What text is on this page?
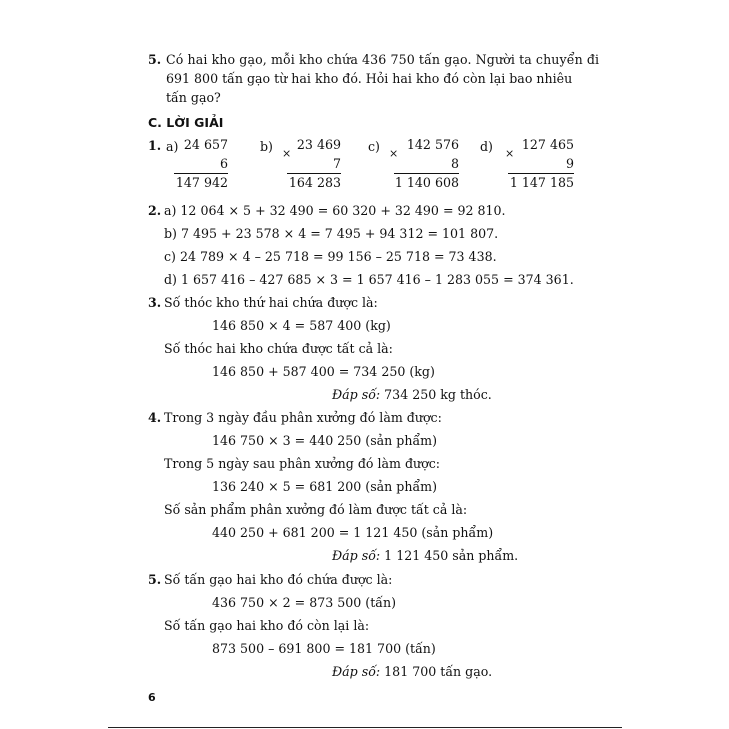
5. Có hai kho gạo, mỗi kho chứa 436 750 tấn gạo. Người ta chuyển đi
691 800 tấn gạo từ hai kho đó. Hỏi hai kho đó còn lại bao nhiêu
tấn gạo?
C. LỜI GIẢI
1. a) 24 657
6
147 942
b) ×
23 469
7
164 283
c) ×
142 576
8
1 140 608
d) ×
127 465
9
1 147 185
2. a) 12 064 × 5 + 32 490 = 60 320 + 32 490 = 92 810.
b) 7 495 + 23 578 × 4 = 7 495 + 94 312 = 101 807.
c) 24 789 × 4 – 25 718 = 99 156 – 25 718 = 73 438.
d) 1 657 416 – 427 685 × 3 = 1 657 416 – 1 283 055 = 374 361.
3. Số thóc kho thứ hai chứa được là:
146 850 × 4 = 587 400 (kg)
Số thóc hai kho chứa được tất cả là:
146 850 + 587 400 = 734 250 (kg)
Đáp số: 734 250 kg thóc.
4. Trong 3 ngày đầu phân xưởng đó làm được:
146 750 × 3 = 440 250 (sản phẩm)
Trong 5 ngày sau phân xưởng đó làm được:
136 240 × 5 = 681 200 (sản phẩm)
Số sản phẩm phân xưởng đó làm được tất cả là:
440 250 + 681 200 = 1 121 450 (sản phẩm)
Đáp số: 1 121 450 sản phẩm.
5. Số tấn gạo hai kho đó chứa được là:
436 750 × 2 = 873 500 (tấn)
Số tấn gạo hai kho đó còn lại là:
873 500 – 691 800 = 181 700 (tấn)
Đáp số: 181 700 tấn gạo.
6
